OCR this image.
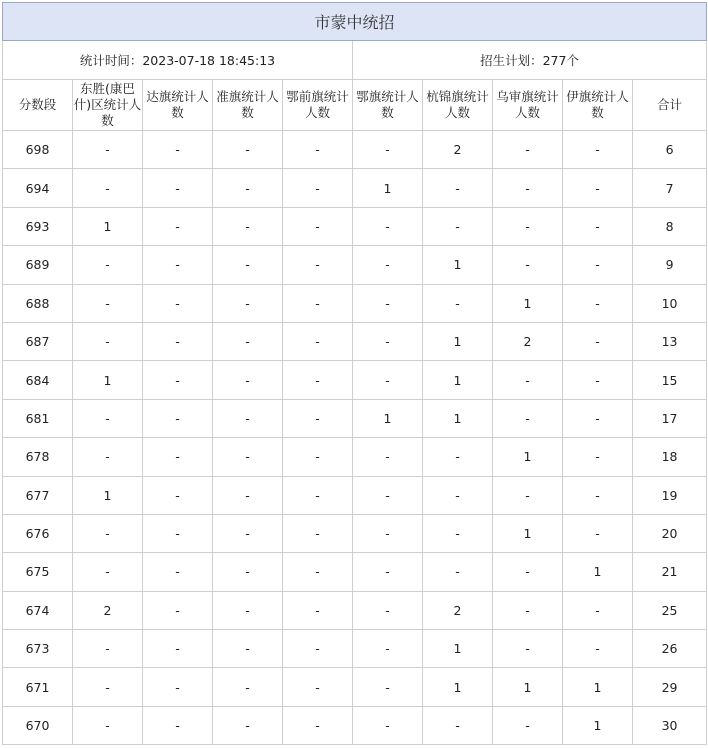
市蒙中统招									
统计时间：2023-07-18 18:45:13					招生计划：277个				
分数段	东胜(康巴什)区统计人数	达旗统计人数	准旗统计人数	鄂前旗统计人数	鄂旗统计人数	杭锦旗统计人数	乌审旗统计人数	伊旗统计人数	合计
698	-	-	-	-	-	2	-	-	6
694	-	-	-	-	1	-	-	-	7
693	1	-	-	-	-	-	-	-	8
689	-	-	-	-	-	1	-	-	9
688	-	-	-	-	-	-	1	-	10
687	-	-	-	-	-	1	2	-	13
684	1	-	-	-	-	1	-	-	15
681	-	-	-	-	1	1	-	-	17
678	-	-	-	-	-	-	1	-	18
677	1	-	-	-	-	-	-	-	19
676	-	-	-	-	-	-	1	-	20
675	-	-	-	-	-	-	-	1	21
674	2	-	-	-	-	2	-	-	25
673	-	-	-	-	-	1	-	-	26
671	-	-	-	-	-	1	1	1	29
670	-	-	-	-	-	-	-	1	30
